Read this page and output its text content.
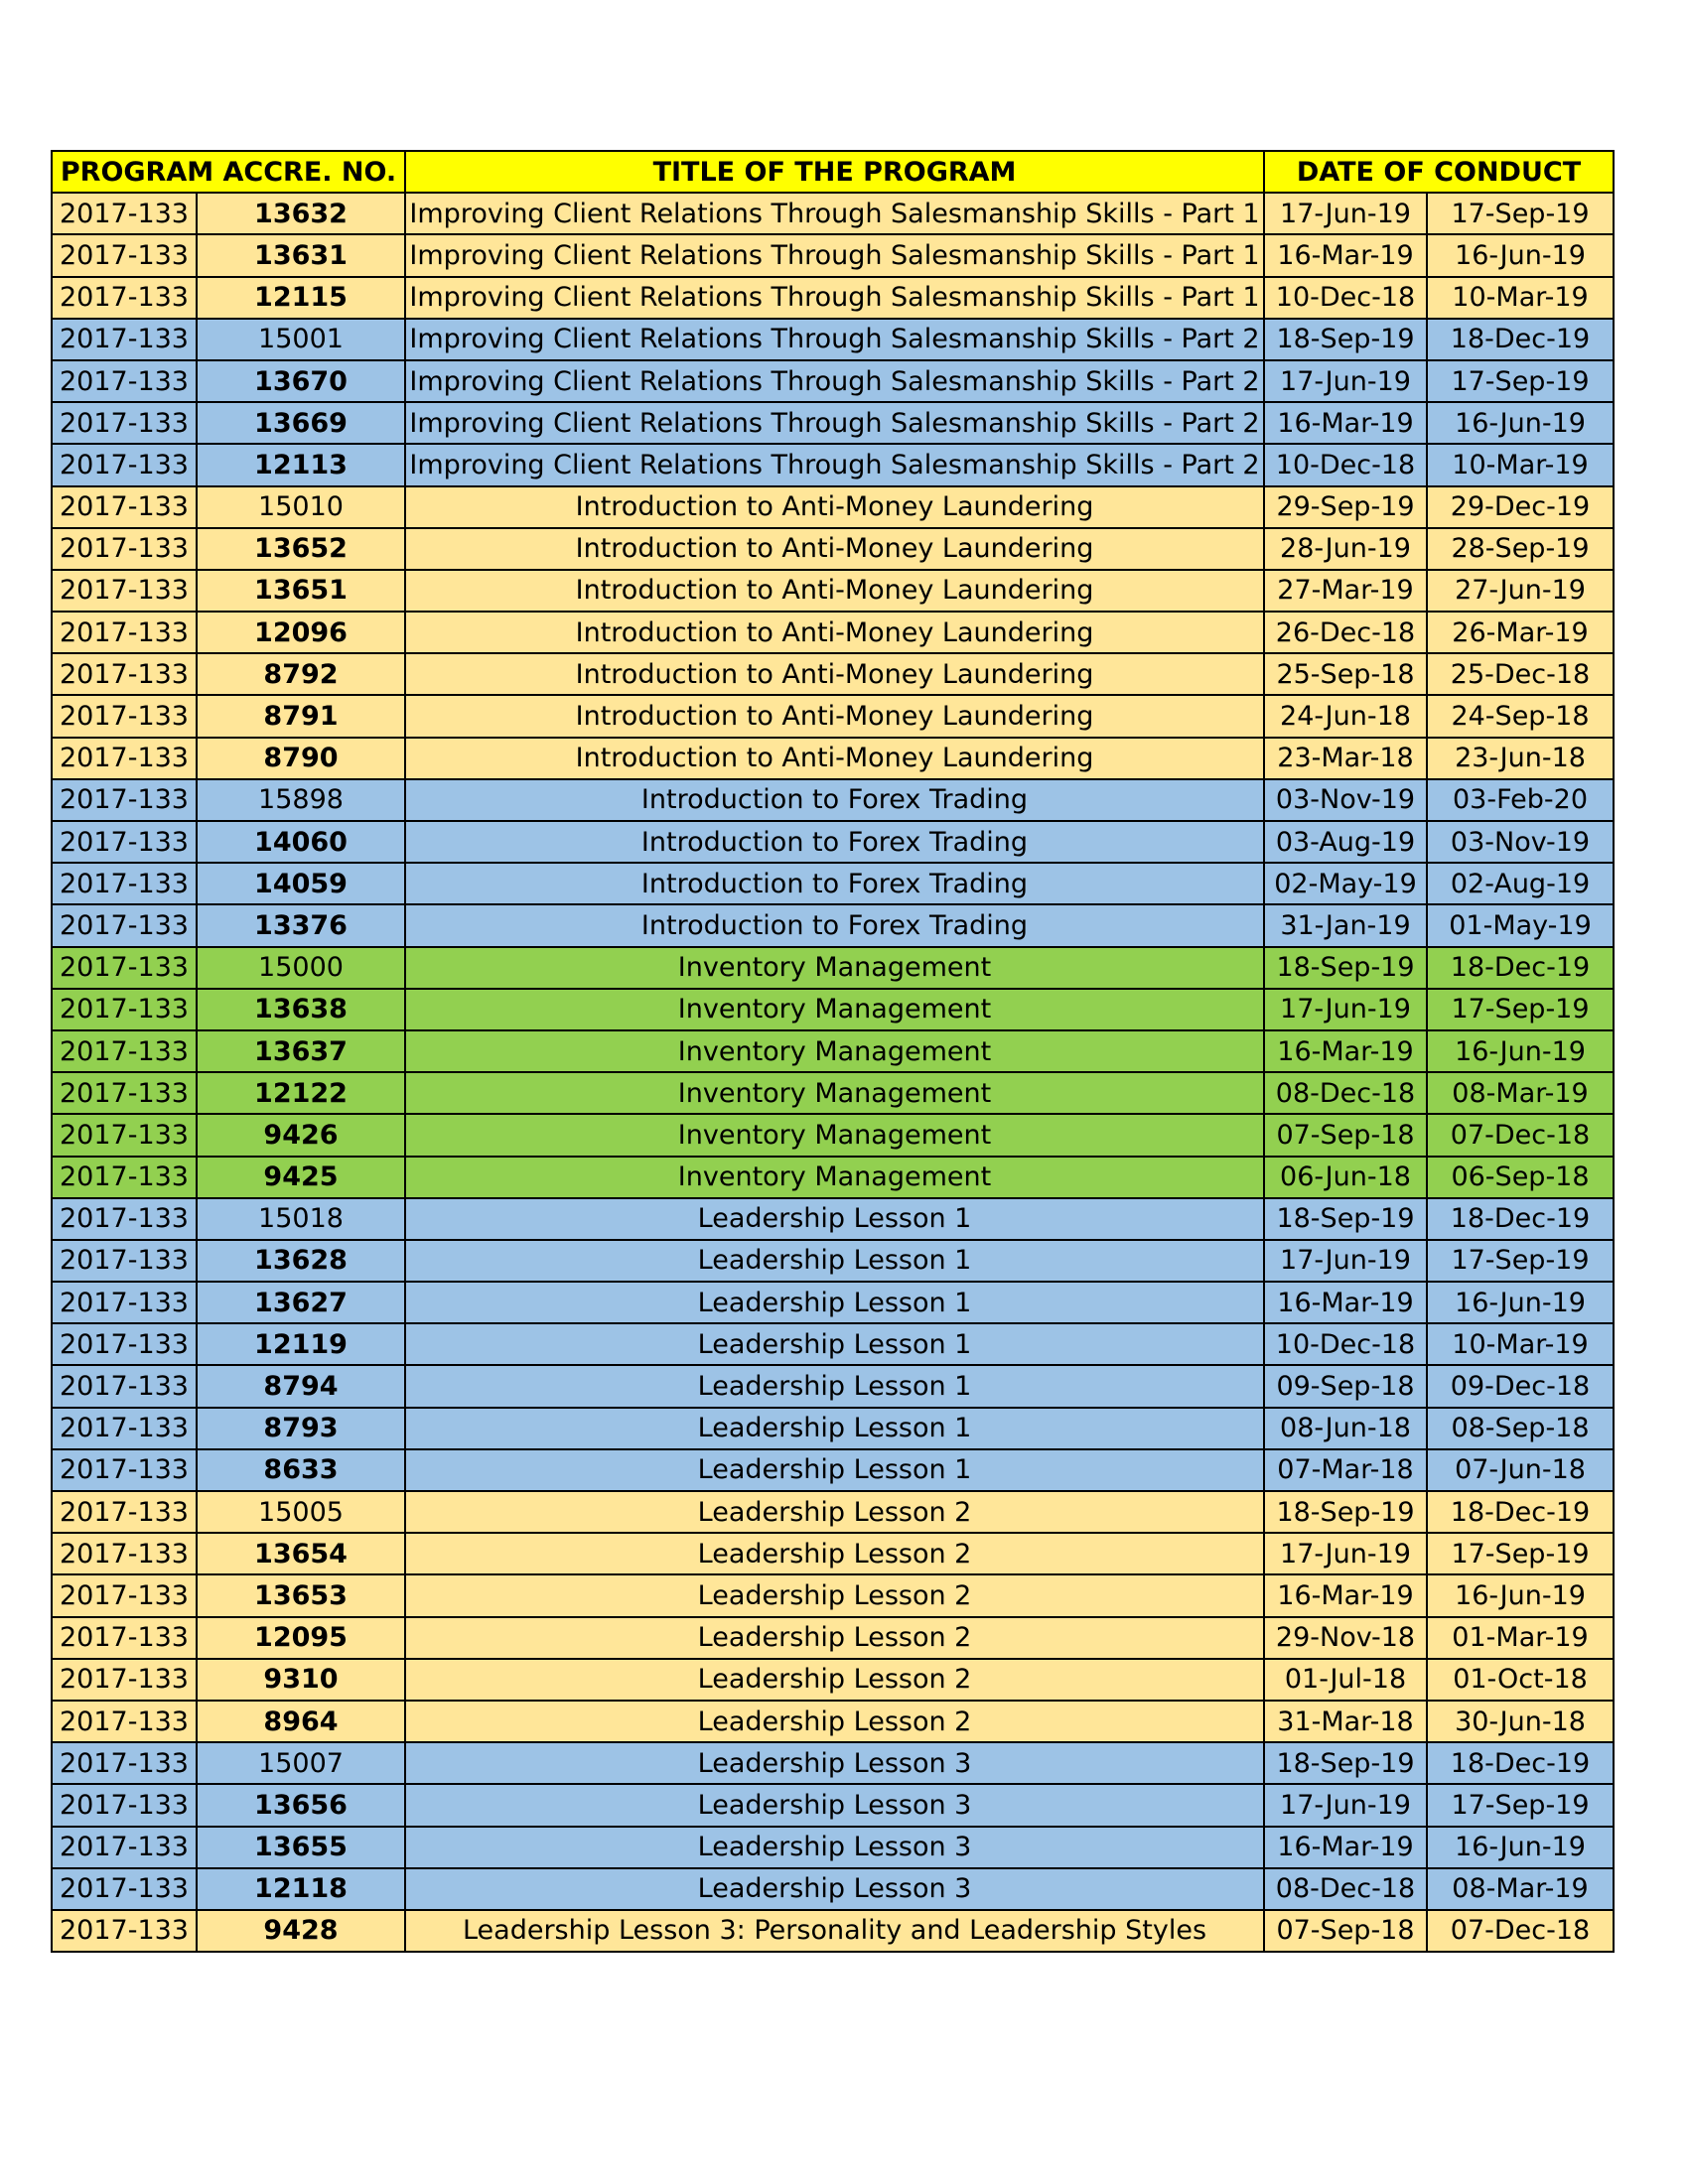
PROGRAM ACCRE. NO.		TITLE OF THE PROGRAM	DATE OF CONDUCT	
2017-133	13632	Improving Client Relations Through Salesmanship Skills - Part 1	17-Jun-19	17-Sep-19
2017-133	13631	Improving Client Relations Through Salesmanship Skills - Part 1	16-Mar-19	16-Jun-19
2017-133	12115	Improving Client Relations Through Salesmanship Skills - Part 1	10-Dec-18	10-Mar-19
2017-133	15001	Improving Client Relations Through Salesmanship Skills - Part 2	18-Sep-19	18-Dec-19
2017-133	13670	Improving Client Relations Through Salesmanship Skills - Part 2	17-Jun-19	17-Sep-19
2017-133	13669	Improving Client Relations Through Salesmanship Skills - Part 2	16-Mar-19	16-Jun-19
2017-133	12113	Improving Client Relations Through Salesmanship Skills - Part 2	10-Dec-18	10-Mar-19
2017-133	15010	Introduction to Anti-Money Laundering	29-Sep-19	29-Dec-19
2017-133	13652	Introduction to Anti-Money Laundering	28-Jun-19	28-Sep-19
2017-133	13651	Introduction to Anti-Money Laundering	27-Mar-19	27-Jun-19
2017-133	12096	Introduction to Anti-Money Laundering	26-Dec-18	26-Mar-19
2017-133	8792	Introduction to Anti-Money Laundering	25-Sep-18	25-Dec-18
2017-133	8791	Introduction to Anti-Money Laundering	24-Jun-18	24-Sep-18
2017-133	8790	Introduction to Anti-Money Laundering	23-Mar-18	23-Jun-18
2017-133	15898	Introduction to Forex Trading	03-Nov-19	03-Feb-20
2017-133	14060	Introduction to Forex Trading	03-Aug-19	03-Nov-19
2017-133	14059	Introduction to Forex Trading	02-May-19	02-Aug-19
2017-133	13376	Introduction to Forex Trading	31-Jan-19	01-May-19
2017-133	15000	Inventory Management	18-Sep-19	18-Dec-19
2017-133	13638	Inventory Management	17-Jun-19	17-Sep-19
2017-133	13637	Inventory Management	16-Mar-19	16-Jun-19
2017-133	12122	Inventory Management	08-Dec-18	08-Mar-19
2017-133	9426	Inventory Management	07-Sep-18	07-Dec-18
2017-133	9425	Inventory Management	06-Jun-18	06-Sep-18
2017-133	15018	Leadership Lesson 1	18-Sep-19	18-Dec-19
2017-133	13628	Leadership Lesson 1	17-Jun-19	17-Sep-19
2017-133	13627	Leadership Lesson 1	16-Mar-19	16-Jun-19
2017-133	12119	Leadership Lesson 1	10-Dec-18	10-Mar-19
2017-133	8794	Leadership Lesson 1	09-Sep-18	09-Dec-18
2017-133	8793	Leadership Lesson 1	08-Jun-18	08-Sep-18
2017-133	8633	Leadership Lesson 1	07-Mar-18	07-Jun-18
2017-133	15005	Leadership Lesson 2	18-Sep-19	18-Dec-19
2017-133	13654	Leadership Lesson 2	17-Jun-19	17-Sep-19
2017-133	13653	Leadership Lesson 2	16-Mar-19	16-Jun-19
2017-133	12095	Leadership Lesson 2	29-Nov-18	01-Mar-19
2017-133	9310	Leadership Lesson 2	01-Jul-18	01-Oct-18
2017-133	8964	Leadership Lesson 2	31-Mar-18	30-Jun-18
2017-133	15007	Leadership Lesson 3	18-Sep-19	18-Dec-19
2017-133	13656	Leadership Lesson 3	17-Jun-19	17-Sep-19
2017-133	13655	Leadership Lesson 3	16-Mar-19	16-Jun-19
2017-133	12118	Leadership Lesson 3	08-Dec-18	08-Mar-19
2017-133	9428	Leadership Lesson 3: Personality and Leadership Styles	07-Sep-18	07-Dec-18
